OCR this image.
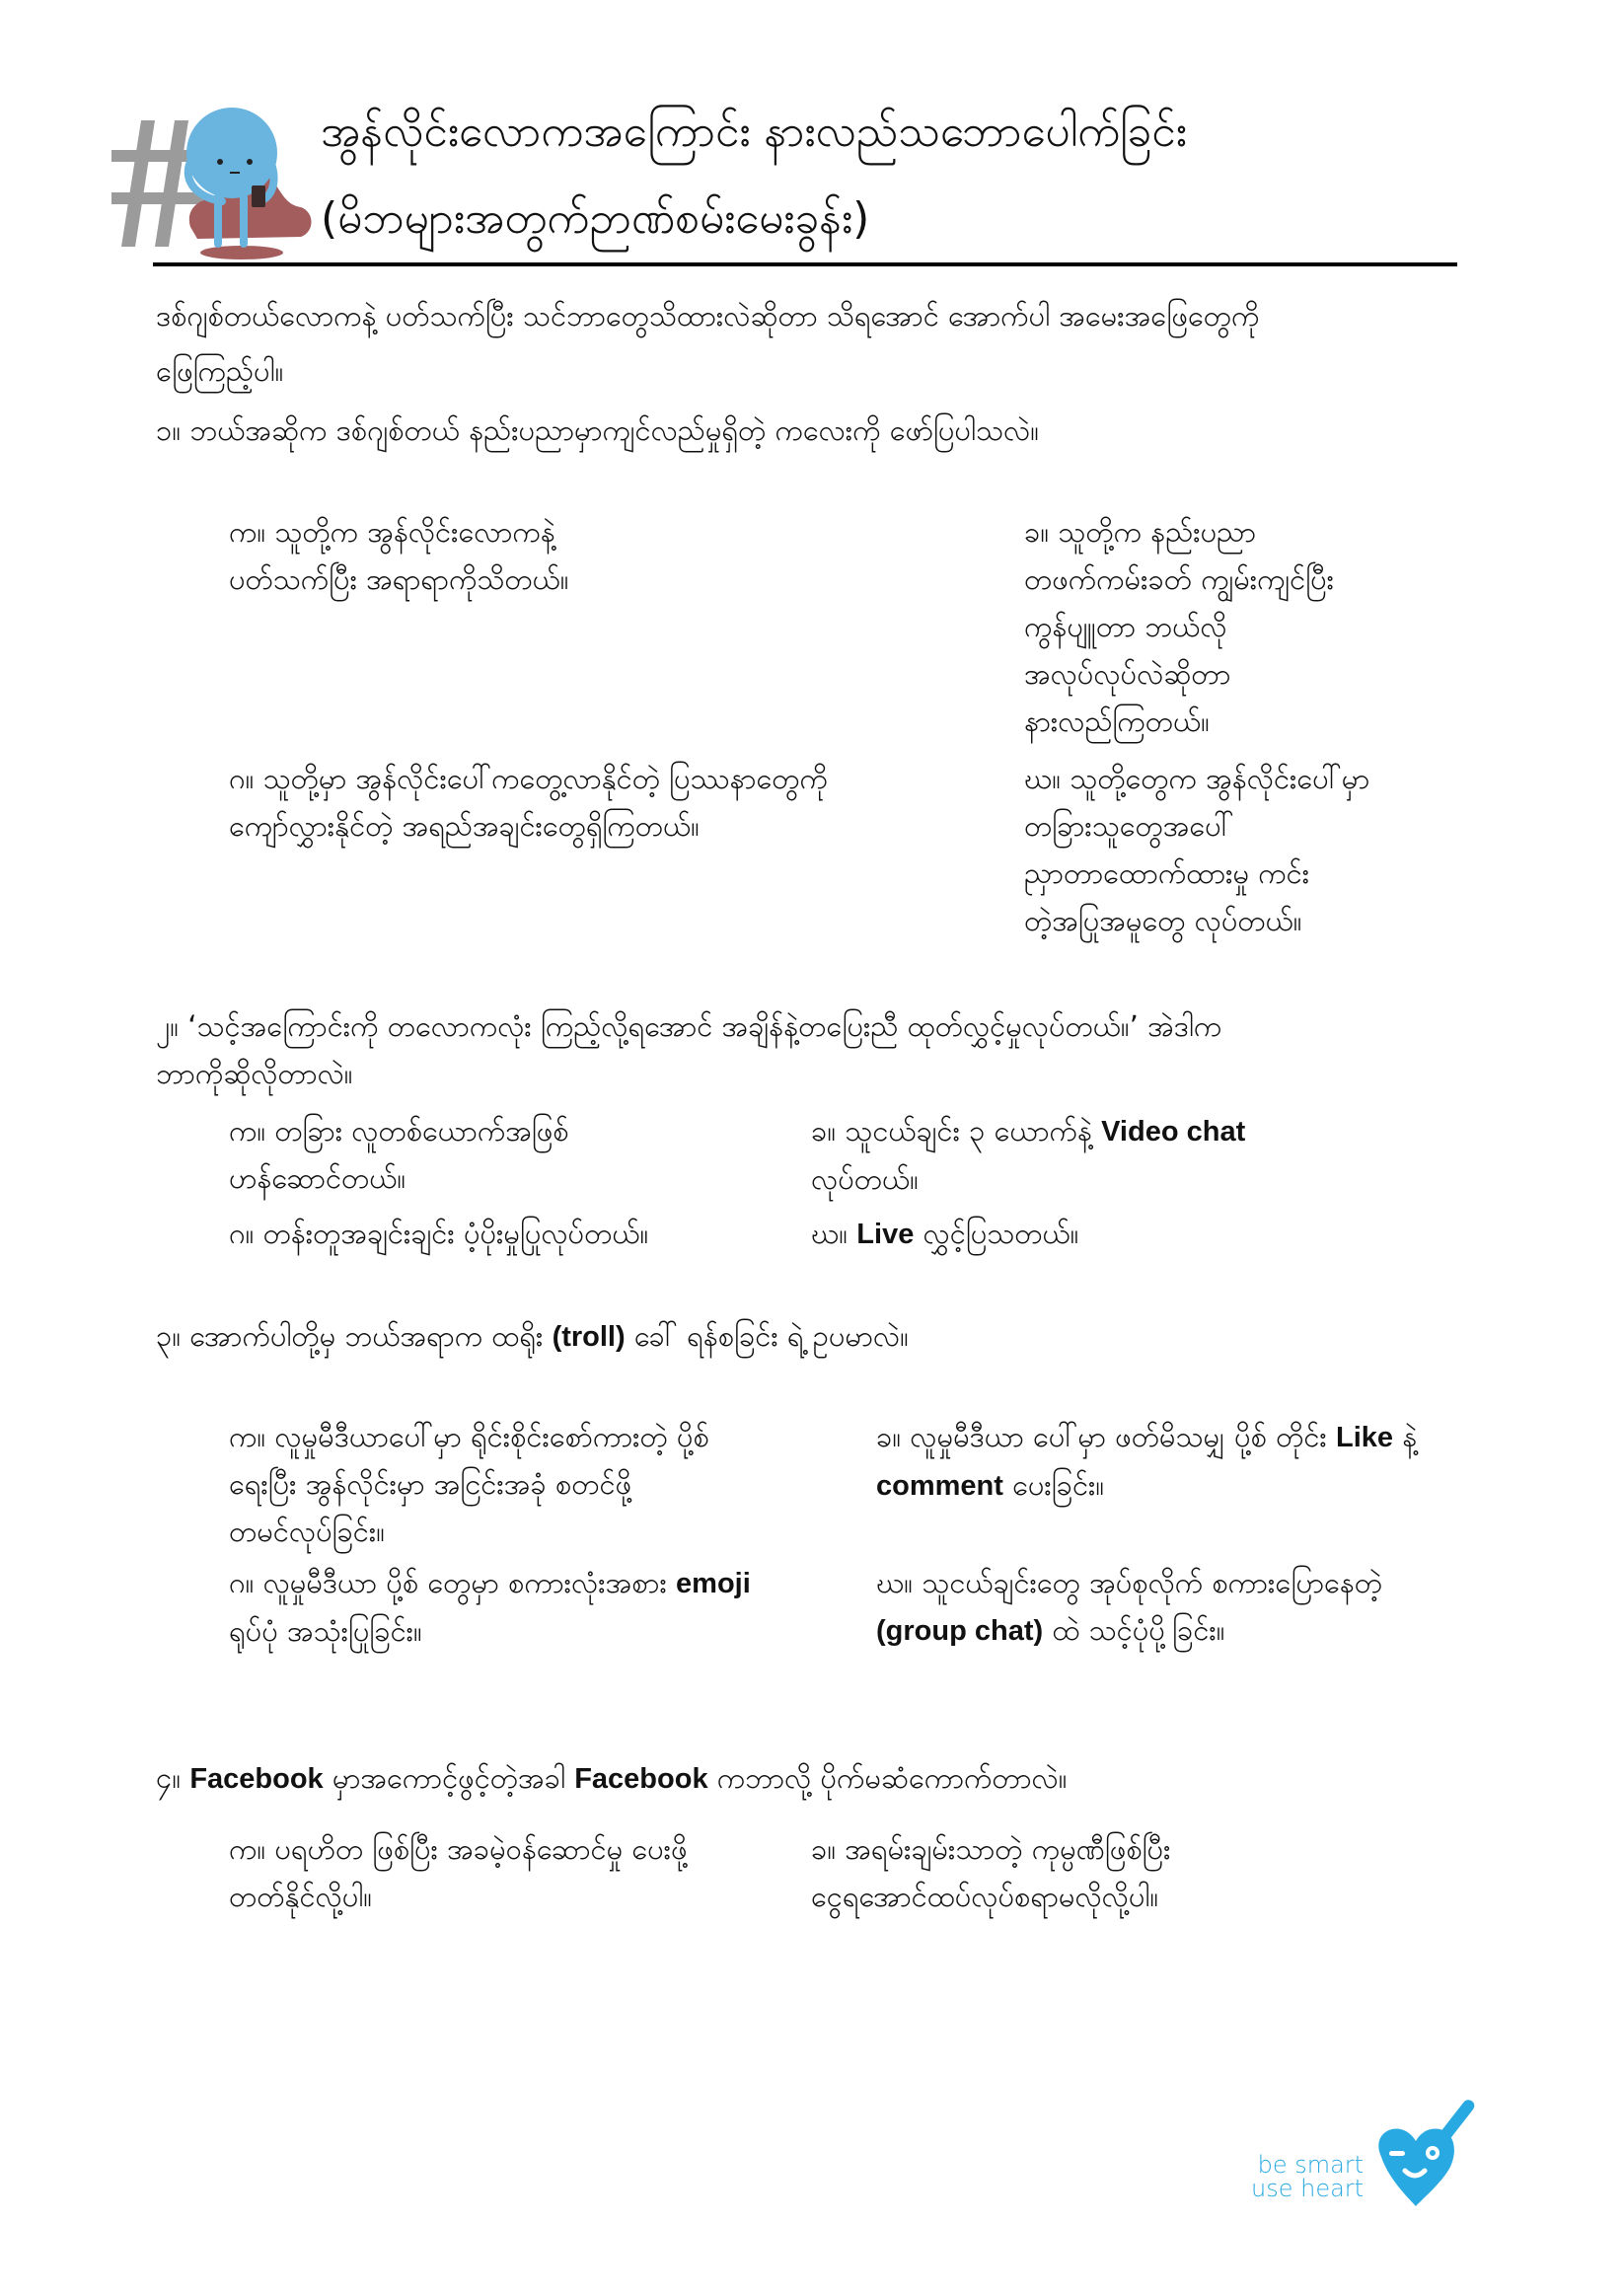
အွန်လိုင်းလောကအကြောင်း နားလည်သဘောပေါက်ခြင်း
(မိဘများအတွက်ဉာဏ်စမ်းမေးခွန်း)
ဒစ်ဂျစ်တယ်လောကနဲ့ ပတ်သက်ပြီး သင်ဘာတွေသိထားလဲဆိုတာ သိရအောင် အောက်ပါ အမေးအဖြေတွေကို
ဖြေကြည့်ပါ။
၁။ ဘယ်အဆိုက ဒစ်ဂျစ်တယ် နည်းပညာမှာကျင်လည်မှုရှိတဲ့ ကလေးကို ဖော်ပြပါသလဲ။
က။ သူတို့က အွန်လိုင်းလောကနဲ့
ပတ်သက်ပြီး အရာရာကိုသိတယ်။
ခ။ သူတို့က နည်းပညာ
တဖက်ကမ်းခတ် ကျွမ်းကျင်ပြီး
ကွန်ပျူတာ ဘယ်လို
အလုပ်လုပ်လဲဆိုတာ
နားလည်ကြတယ်။
ဂ။ သူတို့မှာ အွန်လိုင်းပေါ်ကတွေ့လာနိုင်တဲ့ ပြဿနာတွေကို
ကျော်လွှားနိုင်တဲ့ အရည်အချင်းတွေရှိကြတယ်။
ဃ။ သူတို့တွေက အွန်လိုင်းပေါ်မှာ
တခြားသူတွေအပေါ်
ညှာတာထောက်ထားမှု ကင်း
တဲ့အပြုအမူတွေ လုပ်တယ်။
၂။ ‘သင့်အကြောင်းကို တလောကလုံး ကြည့်လို့ရအောင် အချိန်နဲ့တပြေးညီ ထုတ်လွှင့်မှုလုပ်တယ်။’ အဲဒါက
ဘာကိုဆိုလိုတာလဲ။
က။ တခြား လူတစ်ယောက်အဖြစ်
ဟန်ဆောင်တယ်။
ခ။ သူငယ်ချင်း ၃ ယောက်နဲ့ Video chat
လုပ်တယ်။
ဂ။ တန်းတူအချင်းချင်း ပံ့ပိုးမှုပြုလုပ်တယ်။	ဃ။ Live လွှင့်ပြသတယ်။
၃။ အောက်ပါတို့မှ ဘယ်အရာက ထရိုး (troll) ခေါ် ရန်စခြင်း ရဲ့ ဥပမာလဲ။
က။ လူမှုမီဒီယာပေါ်မှာ ရိုင်းစိုင်းစော်ကားတဲ့ ပို့စ်
ရေးပြီး အွန်လိုင်းမှာ အငြင်းအခုံ စတင်ဖို့
တမင်လုပ်ခြင်း။
ခ။ လူမှုမီဒီယာ ပေါ်မှာ ဖတ်မိသမျှ ပို့စ် တိုင်း Like နဲ့
comment ပေးခြင်း။
ဂ။ လူမှုမီဒီယာ ပို့စ် တွေမှာ စကားလုံးအစား emoji
ရုပ်ပုံ အသုံးပြုခြင်း။
ဃ။ သူငယ်ချင်းတွေ အုပ်စုလိုက် စကားပြောနေတဲ့
(group chat) ထဲ သင့်ပုံပို့ခြင်း။
၄။ Facebook မှာအကောင့်ဖွင့်တဲ့အခါ Facebook ကဘာလို့ ပိုက်မဆံကောက်တာလဲ။
က။ ပရဟိတ ဖြစ်ပြီး အခမဲ့ဝန်ဆောင်မှု ပေးဖို့
တတ်နိုင်လို့ပါ။
ခ။ အရမ်းချမ်းသာတဲ့ ကုမ္ပဏီဖြစ်ပြီး
ငွေရအောင်ထပ်လုပ်စရာမလိုလို့ပါ။
be smart
use heart
